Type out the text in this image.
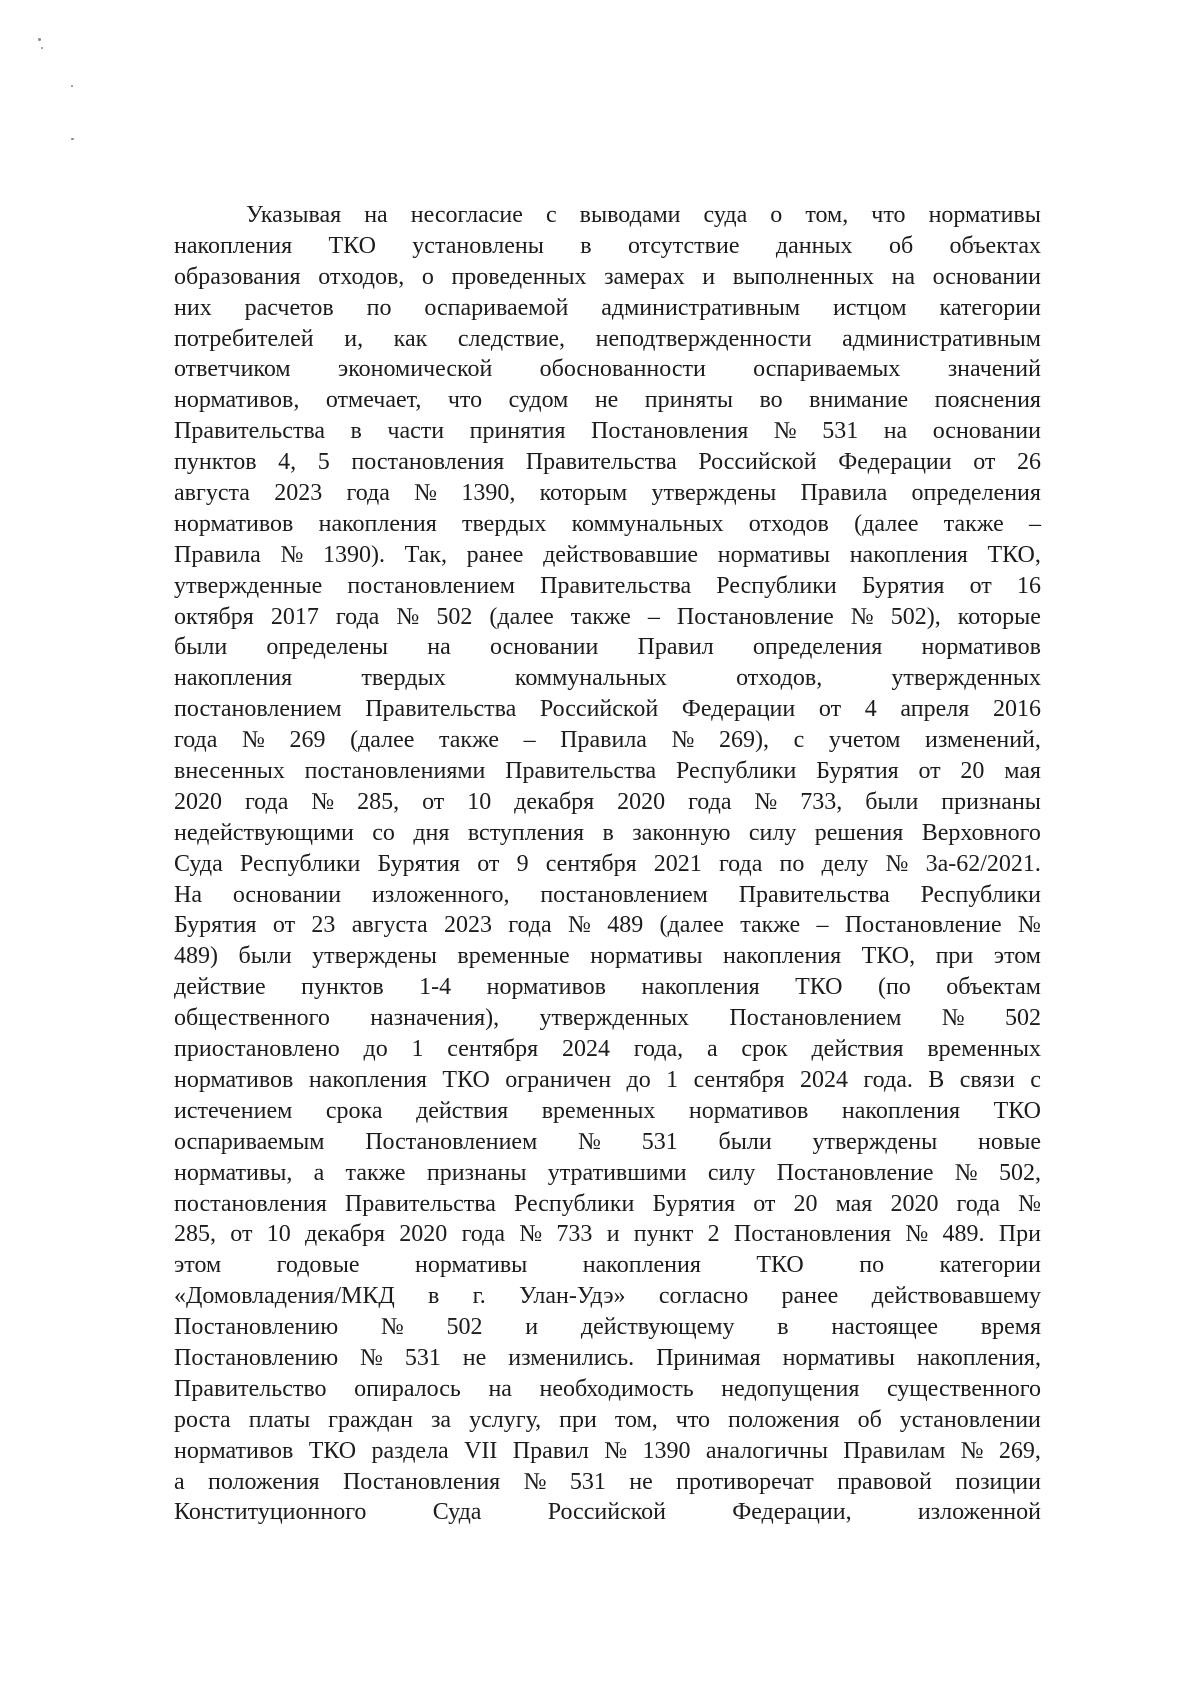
Указывая на несогласие с выводами суда о том, что нормативы
накопления ТКО установлены в отсутствие данных об объектах
образования отходов, о проведенных замерах и выполненных на основании
них расчетов по оспариваемой административным истцом категории
потребителей и, как следствие, неподтвержденности административным
ответчиком экономической обоснованности оспариваемых значений
нормативов, отмечает, что судом не приняты во внимание пояснения
Правительства в части принятия Постановления № 531 на основании
пунктов 4, 5 постановления Правительства Российской Федерации от 26
августа 2023 года № 1390, которым утверждены Правила определения
нормативов накопления твердых коммунальных отходов (далее также –
Правила № 1390). Так, ранее действовавшие нормативы накопления ТКО,
утвержденные постановлением Правительства Республики Бурятия от 16
октября 2017 года № 502 (далее также – Постановление № 502), которые
были определены на основании Правил определения нормативов
накопления	твердых	коммунальных	отходов,	утвержденных
постановлением Правительства Российской Федерации от 4 апреля 2016
года № 269 (далее также – Правила № 269), с учетом изменений,
внесенных постановлениями Правительства Республики Бурятия от 20 мая
2020 года № 285, от 10 декабря 2020 года № 733, были признаны
недействующими со дня вступления в законную силу решения Верховного
Суда Республики Бурятия от 9 сентября 2021 года по делу № 3а-62/2021.
На основании изложенного, постановлением Правительства Республики
Бурятия от 23 августа 2023 года № 489 (далее также – Постановление №
489) были утверждены временные нормативы накопления ТКО, при этом
действие пунктов 1-4 нормативов накопления ТКО (по объектам
общественного назначения), утвержденных Постановлением № 502
приостановлено до 1 сентября 2024 года, а срок действия временных
нормативов накопления ТКО ограничен до 1 сентября 2024 года. В связи с
истечением срока действия временных нормативов накопления ТКО
оспариваемым Постановлением № 531 были утверждены новые
нормативы, а также признаны утратившими силу Постановление № 502,
постановления Правительства Республики Бурятия от 20 мая 2020 года №
285, от 10 декабря 2020 года № 733 и пункт 2 Постановления № 489. При
этом годовые нормативы накопления ТКО по категории
«Домовладения/МКД в г. Улан-Удэ» согласно ранее действовавшему
Постановлению № 502 и действующему в настоящее время
Постановлению № 531 не изменились. Принимая нормативы накопления,
Правительство опиралось на необходимость недопущения существенного
роста платы граждан за услугу, при том, что положения об установлении
нормативов ТКО раздела VII Правил № 1390 аналогичны Правилам № 269,
а положения Постановления № 531 не противоречат правовой позиции
Конституционного	Суда	Российской	Федерации,	изложенной
